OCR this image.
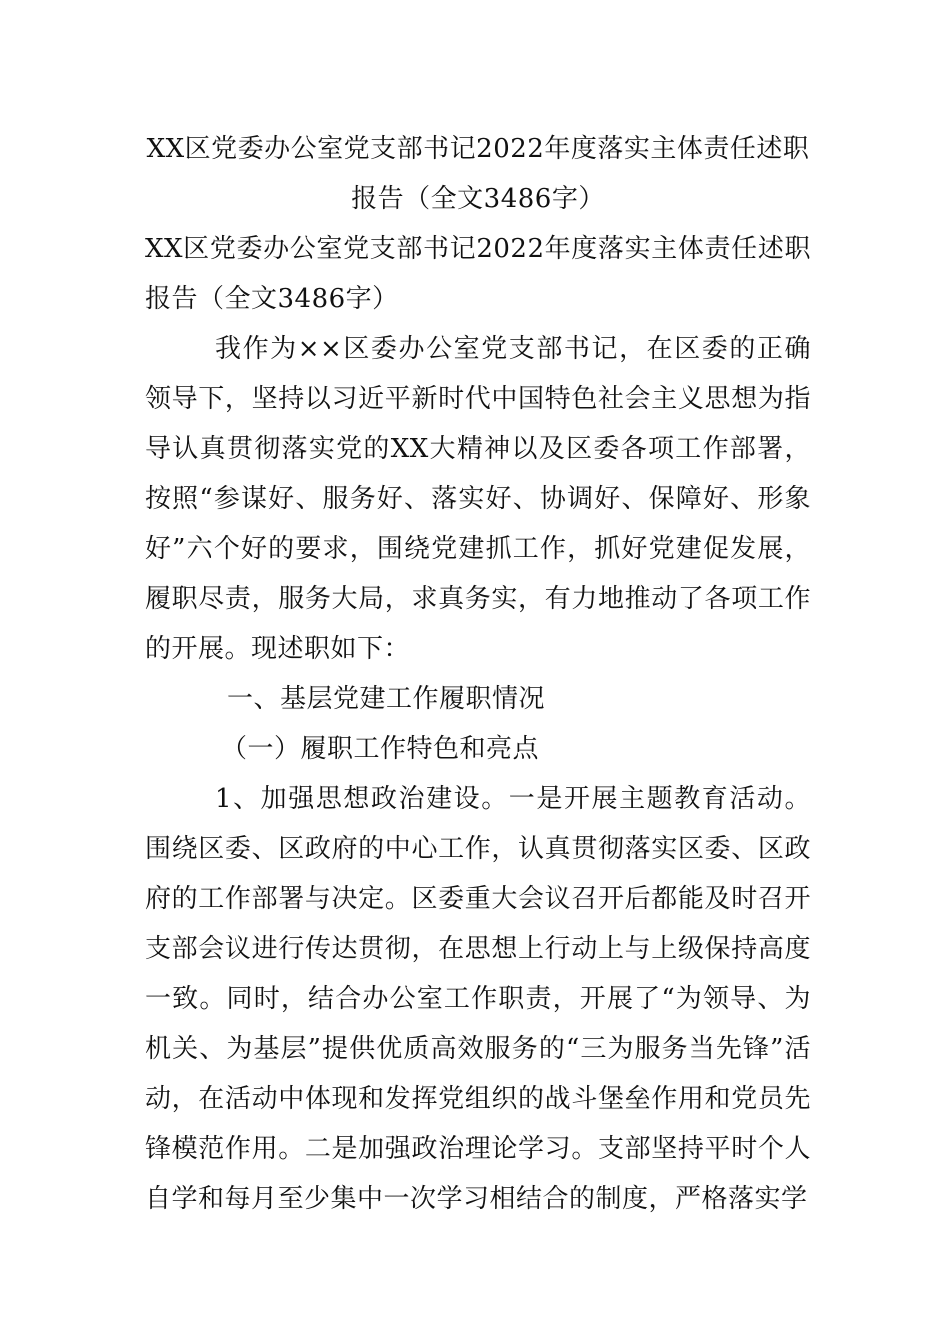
XX区党委办公室党支部书记2022年度落实主体责任述职报告（全文3486字）

XX区党委办公室党支部书记2022年度落实主体责任述职报告（全文3486字）

我作为××区委办公室党支部书记，在区委的正确领导下，坚持以习近平新时代中国特色社会主义思想为指导认真贯彻落实党的XX大精神以及区委各项工作部署，按照“参谋好、服务好、落实好、协调好、保障好、形象好”六个好的要求，围绕党建抓工作，抓好党建促发展，履职尽责，服务大局，求真务实，有力地推动了各项工作的开展。现述职如下：

一、基层党建工作履职情况

（一）履职工作特色和亮点

1、加强思想政治建设。一是开展主题教育活动。围绕区委、区政府的中心工作，认真贯彻落实区委、区政府的工作部署与决定。区委重大会议召开后都能及时召开支部会议进行传达贯彻，在思想上行动上与上级保持高度一致。同时，结合办公室工作职责，开展了“为领导、为机关、为基层”提供优质高效服务的“三为服务当先锋”活动，在活动中体现和发挥党组织的战斗堡垒作用和党员先锋模范作用。二是加强政治理论学习。支部坚持平时个人自学和每月至少集中一次学习相结合的制度，严格落实学
